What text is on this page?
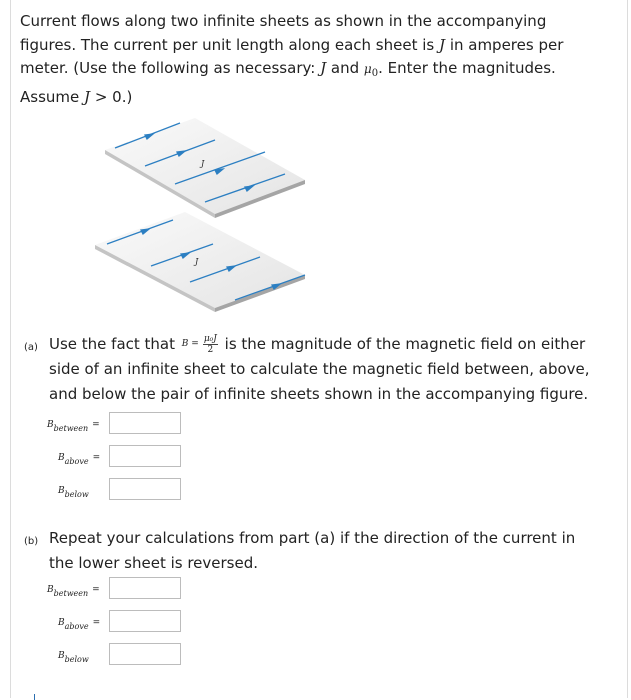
Current flows along two infinite sheets as shown in the accompanying
figures. The current per unit length along each sheet is J in amperes per
meter. (Use the following as necessary: J and $\mu_0$. Enter the magnitudes.
Assume J > 0.)
J
J
(a) Use the fact that $B = \frac{\text{μ₀J}}{2}$ is the magnitude of the magnetic field on either
side of an infinite sheet to calculate the magnetic field between, above,
and below the pair of infinite sheets shown in the accompanying figure.
Bbetween =
Babove =
Bbelow
(b) Repeat your calculations from part (a) if the direction of the current in
the lower sheet is reversed.
Bbetween =
Babove =
Bbelow
